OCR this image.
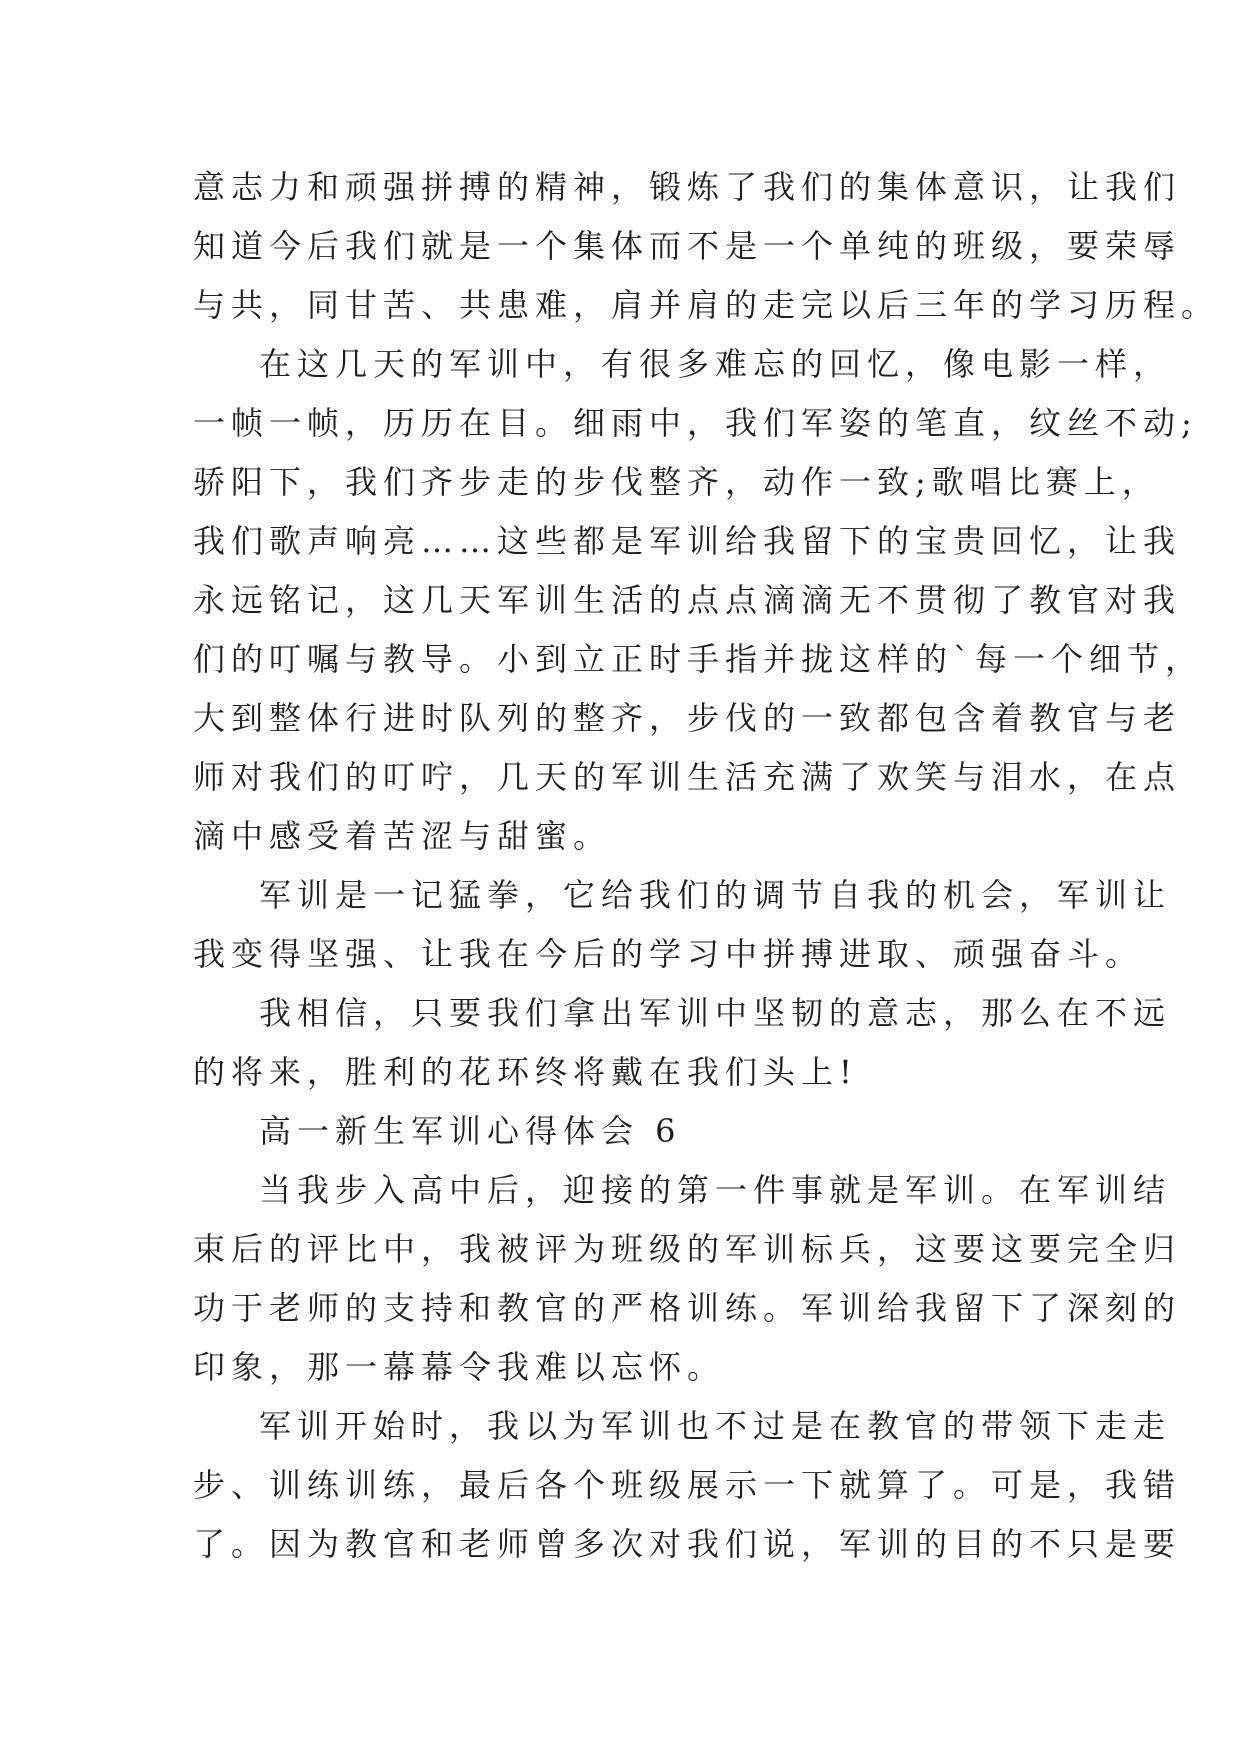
意志力和顽强拼搏的精神，锻炼了我们的集体意识，让我们
知道今后我们就是一个集体而不是一个单纯的班级，要荣辱
与共，同甘苦、共患难，肩并肩的走完以后三年的学习历程。
在这几天的军训中，有很多难忘的回忆，像电影一样，
一帧一帧，历历在目。细雨中，我们军姿的笔直，纹丝不动;
骄阳下，我们齐步走的步伐整齐，动作一致;歌唱比赛上，
我们歌声响亮……这些都是军训给我留下的宝贵回忆，让我
永远铭记，这几天军训生活的点点滴滴无不贯彻了教官对我
们的叮嘱与教导。小到立正时手指并拢这样的`每一个细节，
大到整体行进时队列的整齐，步伐的一致都包含着教官与老
师对我们的叮咛，几天的军训生活充满了欢笑与泪水，在点
滴中感受着苦涩与甜蜜。
军训是一记猛拳，它给我们的调节自我的机会，军训让
我变得坚强、让我在今后的学习中拼搏进取、顽强奋斗。
我相信，只要我们拿出军训中坚韧的意志，那么在不远
的将来，胜利的花环终将戴在我们头上!
高一新生军训心得体会 6
当我步入高中后，迎接的第一件事就是军训。在军训结
束后的评比中，我被评为班级的军训标兵，这要这要完全归
功于老师的支持和教官的严格训练。军训给我留下了深刻的
印象，那一幕幕令我难以忘怀。
军训开始时，我以为军训也不过是在教官的带领下走走
步、训练训练，最后各个班级展示一下就算了。可是，我错
了。因为教官和老师曾多次对我们说，军训的目的不只是要
